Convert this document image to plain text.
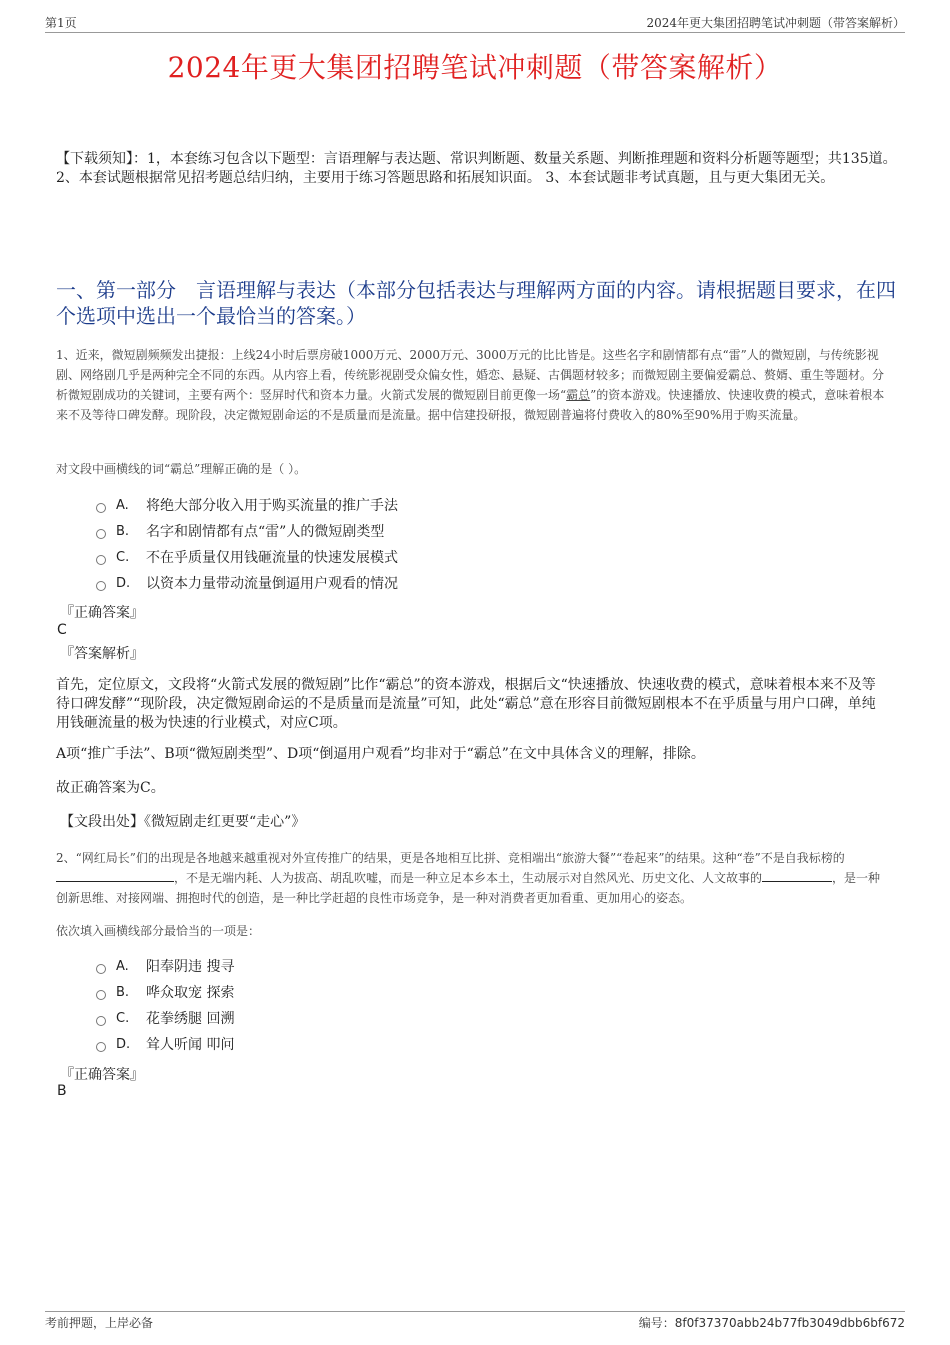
第1页	2024年更大集团招聘笔试冲刺题（带答案解析）
2024年更大集团招聘笔试冲刺题（带答案解析）
【下载须知】：1，本套练习包含以下题型：言语理解与表达题、常识判断题、数量关系题、判断推理题和资料分析题等题型；共135道。 2、本套试题根据常见招考题总结归纳，主要用于练习答题思路和拓展知识面。 3、本套试题非考试真题，且与更大集团无关。
一、第一部分　言语理解与表达（本部分包括表达与理解两方面的内容。请根据题目要求，在四个选项中选出一个最恰当的答案。）
1、近来，微短剧频频发出捷报：上线24小时后票房破1000万元、2000万元、3000万元的比比皆是。这些名字和剧情都有点“雷”人的微短剧，与传统影视剧、网络剧几乎是两种完全不同的东西。从内容上看，传统影视剧受众偏女性，婚恋、悬疑、古偶题材较多；而微短剧主要偏爱霸总、赘婿、重生等题材。分析微短剧成功的关键词，主要有两个：竖屏时代和资本力量。火箭式发展的微短剧目前更像一场“霸总”的资本游戏。快速播放、快速收费的模式，意味着根本来不及等待口碑发酵。现阶段，决定微短剧命运的不是质量而是流量。据中信建投研报，微短剧普遍将付费收入的80%至90%用于购买流量。
对文段中画横线的词“霸总”理解正确的是（ ）。
A.	将绝大部分收入用于购买流量的推广手法
B.	名字和剧情都有点“雷”人的微短剧类型
C.	不在乎质量仅用钱砸流量的快速发展模式
D.	以资本力量带动流量倒逼用户观看的情况
『正确答案』
C
『答案解析』
首先，定位原文，文段将“火箭式发展的微短剧”比作“霸总”的资本游戏，根据后文“快速播放、快速收费的模式，意味着根本来不及等待口碑发酵”“现阶段，决定微短剧命运的不是质量而是流量”可知，此处“霸总”意在形容目前微短剧根本不在乎质量与用户口碑，单纯用钱砸流量的极为快速的行业模式，对应C项。
A项“推广手法”、B项“微短剧类型”、D项“倒逼用户观看”均非对于“霸总”在文中具体含义的理解，排除。
故正确答案为C。
【文段出处】《微短剧走红更要“走心”》
2、“网红局长”们的出现是各地越来越重视对外宣传推广的结果，更是各地相互比拼、竞相端出“旅游大餐”“卷起来”的结果。这种“卷”不是自我标榜的，不是无端内耗、人为拔高、胡乱吹嘘，而是一种立足本乡本土，生动展示对自然风光、历史文化、人文故事的	，是一种创新思维、对接网端、拥抱时代的创造，是一种比学赶超的良性市场竞争，是一种对消费者更加看重、更加用心的姿态。
依次填入画横线部分最恰当的一项是：
A.	阳奉阴违 搜寻
B.	哗众取宠 探索
C.	花拳绣腿 回溯
D.	耸人听闻 叩问
『正确答案』
B
考前押题，上岸必备	编号：8f0f37370abb24b77fb3049dbb6bf672
